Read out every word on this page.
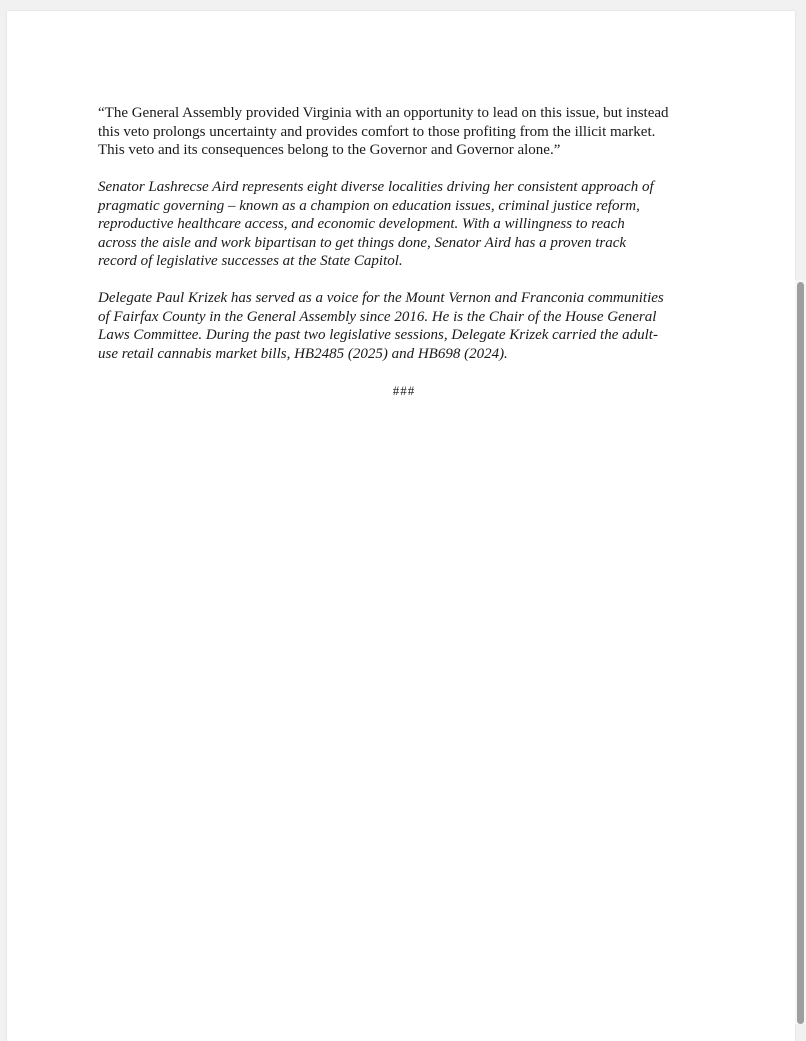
“The General Assembly provided Virginia with an opportunity to lead on this issue, but instead
this veto prolongs uncertainty and provides comfort to those profiting from the illicit market.
This veto and its consequences belong to the Governor and Governor alone.”

Senator Lashrecse Aird represents eight diverse localities driving her consistent approach of
pragmatic governing – known as a champion on education issues, criminal justice reform,
reproductive healthcare access, and economic development. With a willingness to reach
across the aisle and work bipartisan to get things done, Senator Aird has a proven track
record of legislative successes at the State Capitol.

Delegate Paul Krizek has served as a voice for the Mount Vernon and Franconia communities
of Fairfax County in the General Assembly since 2016. He is the Chair of the House General
Laws Committee. During the past two legislative sessions, Delegate Krizek carried the adult-
use retail cannabis market bills, HB2485 (2025) and HB698 (2024).

###
